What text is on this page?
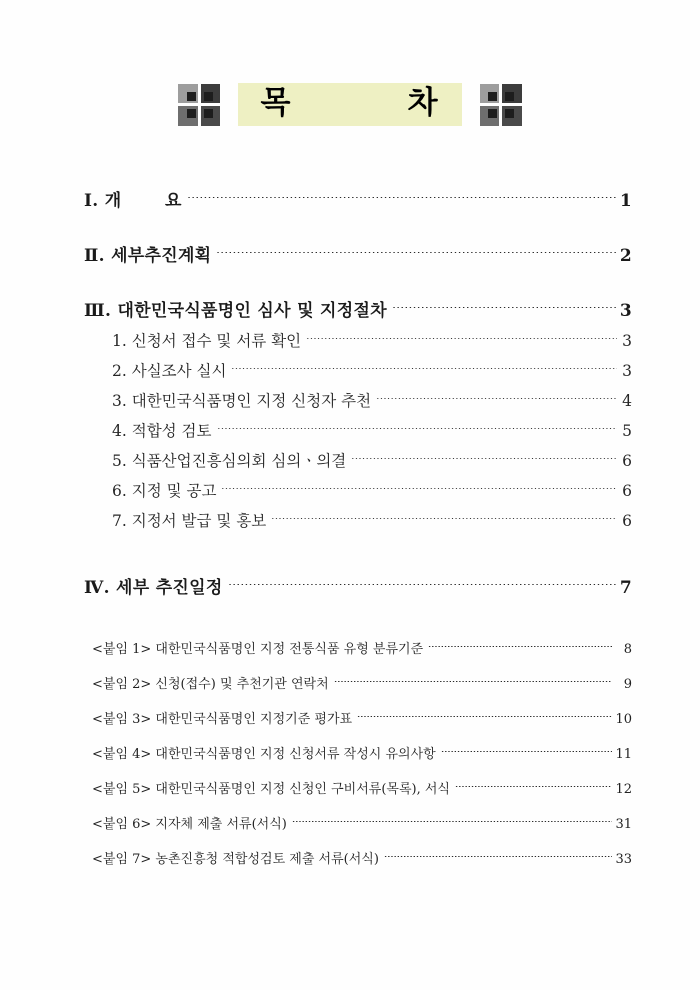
목         차
Ⅰ. 개       요	1
Ⅱ. 세부추진계획	2
Ⅲ. 대한민국식품명인 심사 및 지정절차	3
1. 신청서 접수 및 서류 확인	3
2. 사실조사 실시	3
3. 대한민국식품명인 지정 신청자 추천	4
4. 적합성 검토	5
5. 식품산업진흥심의회 심의ㆍ의결	6
6. 지정 및 공고	6
7. 지정서 발급 및 홍보	6
Ⅳ. 세부 추진일정	7
<붙임 1> 대한민국식품명인 지정 전통식품 유형 분류기준	8
<붙임 2> 신청(접수) 및 추천기관 연락처	9
<붙임 3> 대한민국식품명인 지정기준 평가표	10
<붙임 4> 대한민국식품명인 지정 신청서류 작성시 유의사항	11
<붙임 5> 대한민국식품명인 지정 신청인 구비서류(목록), 서식	12
<붙임 6> 지자체 제출 서류(서식)	31
<붙임 7> 농촌진흥청 적합성검토 제출 서류(서식)	33
